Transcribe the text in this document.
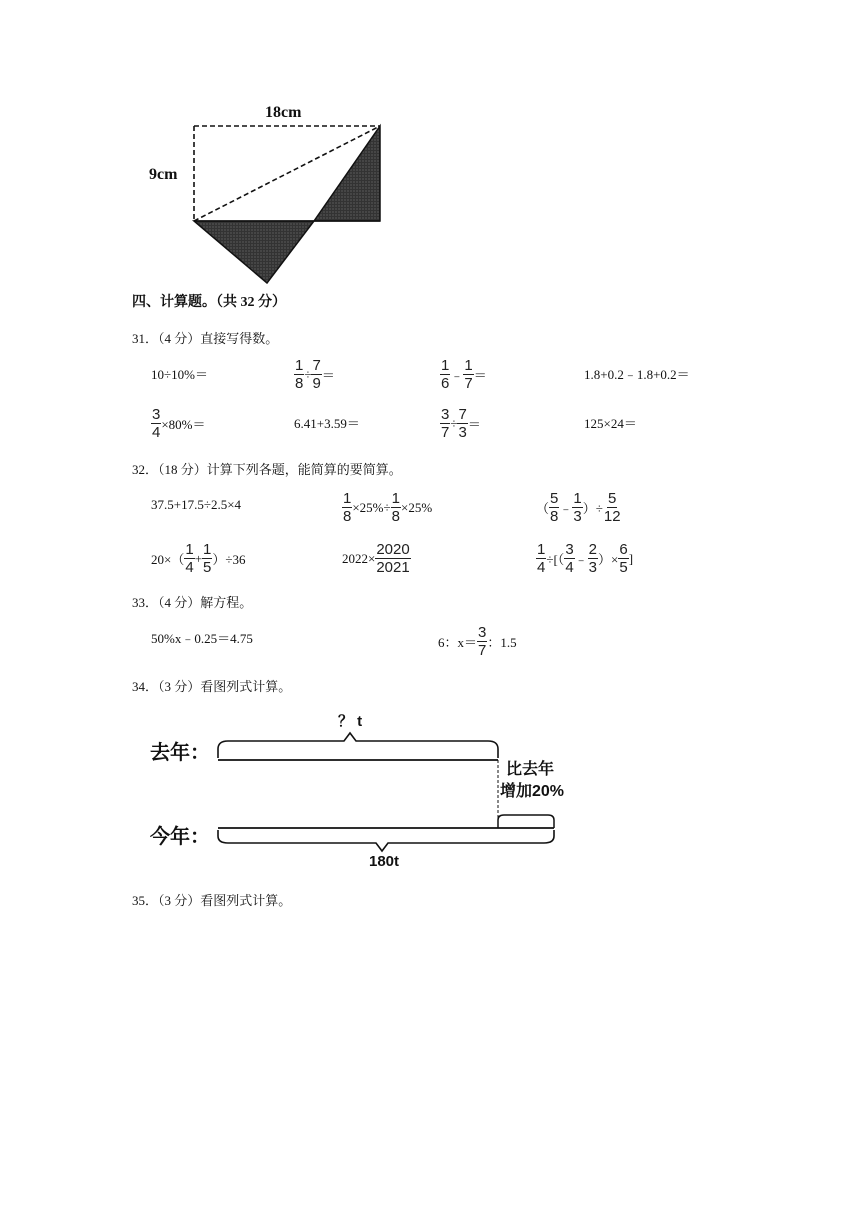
18cm
9cm
四、计算题。（共 32 分）
31．（4 分）直接写得数。
10÷10%＝	$\frac{1}{8} \div \frac{7}{9}$ ＝	$\frac{1}{6}$ ﹣ $\frac{1}{7}$ ＝	1.8+0.2﹣1.8+0.2＝
$\frac{3}{4} \times 80\%=$	6.41+3.59＝	$\frac{3}{7} \div \frac{7}{3}$ ＝	125×24＝
32．（18 分）计算下列各题，能简算的要简算。
37.5+17.5÷2.5×4	$\frac{1}{8} \times 25\%\div \frac{1}{8} \times 25\%$	（ $\frac{5}{8}$ ﹣ $\frac{1}{3}$ ）÷ $\frac{5}{12}$
$20\times( \frac{1}{4} + \frac{1}{5} )\div 36$	$2022\times \frac{2020}{2021}$	$\frac{1}{4}$ ÷[（ $\frac{3}{4}$ ﹣ $\frac{2}{3}$ ）× $\frac{6}{5}$ ]
33．（4 分）解方程。
50%x﹣0.25＝4.75	6：$x= \frac{3}{7}$ ：1.5
34．（3 分）看图列式计算。
去年：
今年：
？ t
比去年
增加20%
180t
35．（3 分）看图列式计算。
